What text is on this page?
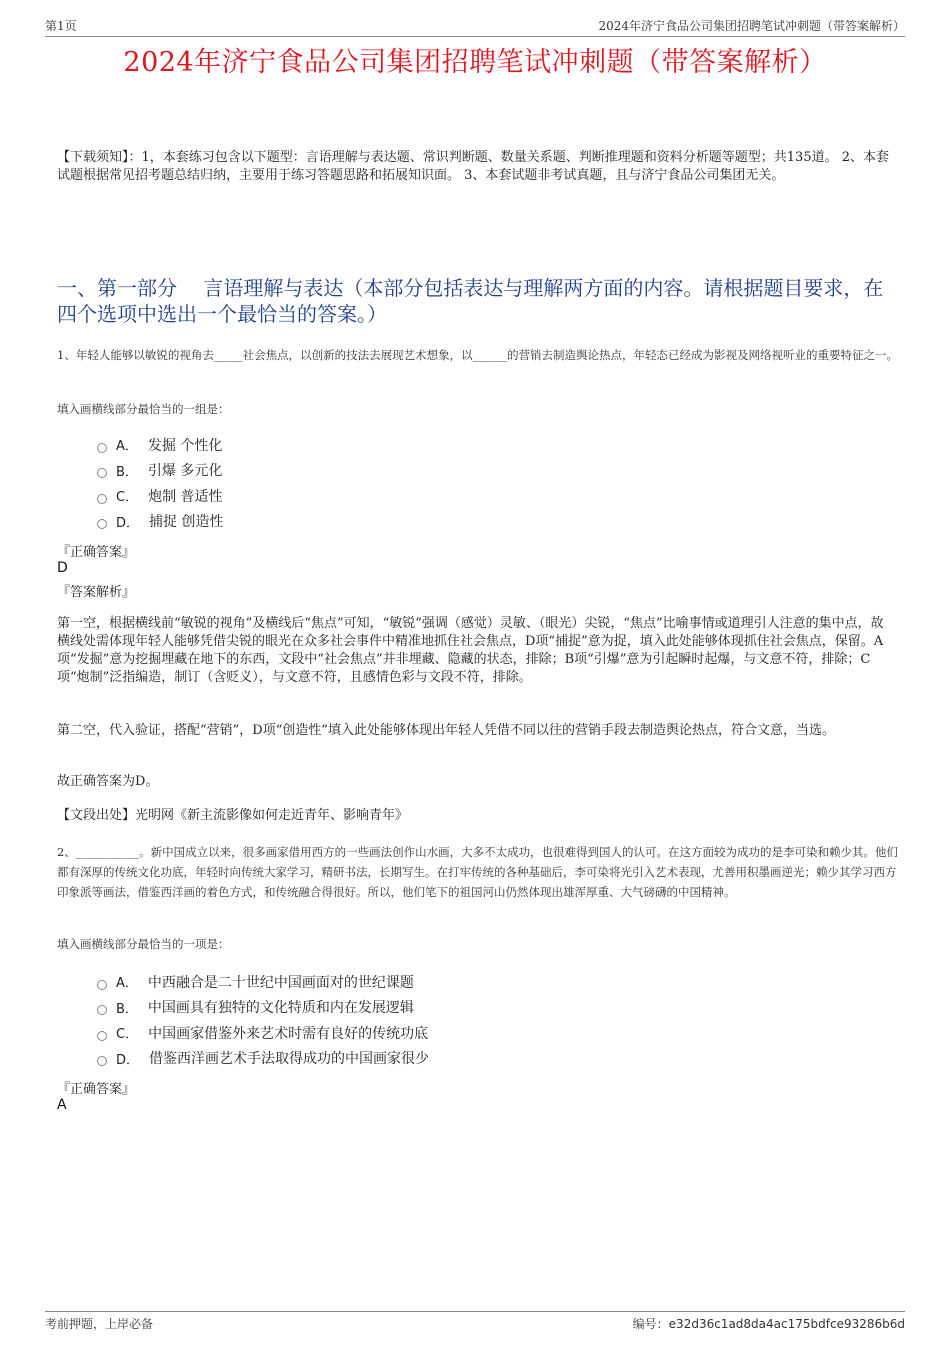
第1页	2024年济宁食品公司集团招聘笔试冲刺题（带答案解析）
2024年济宁食品公司集团招聘笔试冲刺题（带答案解析）
【下载须知】：1，本套练习包含以下题型：言语理解与表达题、常识判断题、数量关系题、判断推理题和资料分析题等题型；共135道。 2、本套试题根据常见招考题总结归纳，主要用于练习答题思路和拓展知识面。 3、本套试题非考试真题，且与济宁食品公司集团无关。
一、第一部分　 言语理解与表达（本部分包括表达与理解两方面的内容。请根据题目要求，在四个选项中选出一个最恰当的答案。）
1、年轻人能够以敏锐的视角去_____社会焦点，以创新的技法去展现艺术想象，以______的营销去制造舆论热点，年轻态已经成为影视及网络视听业的重要特征之一。
填入画横线部分最恰当的一组是：
A． 发掘 个性化
B． 引爆 多元化
C． 炮制 普适性
D． 捕捉 创造性
『正确答案』
D
『答案解析』
第一空，根据横线前“敏锐的视角”及横线后“焦点”可知，“敏锐”强调（感觉）灵敏、（眼光）尖锐，“焦点”比喻事情或道理引人注意的集中点，故横线处需体现年轻人能够凭借尖锐的眼光在众多社会事件中精准地抓住社会焦点，D项“捕捉”意为捉，填入此处能够体现抓住社会焦点，保留。A项“发掘”意为挖掘埋藏在地下的东西，文段中“社会焦点”并非埋藏、隐藏的状态，排除；B项“引爆”意为引起瞬时起爆，与文意不符，排除；C项“炮制”泛指编造，制订（含贬义），与文意不符，且感情色彩与文段不符，排除。
第二空，代入验证，搭配“营销”，D项“创造性”填入此处能够体现出年轻人凭借不同以往的营销手段去制造舆论热点，符合文意，当选。
故正确答案为D。
【文段出处】光明网《新主流影像如何走近青年、影响青年》
2、___________。新中国成立以来，很多画家借用西方的一些画法创作山水画，大多不太成功，也很难得到国人的认可。在这方面较为成功的是李可染和赖少其。他们都有深厚的传统文化功底，年轻时向传统大家学习，精研书法，长期写生。在打牢传统的各种基础后，李可染将光引入艺术表现，尤善用积墨画逆光；赖少其学习西方印象派等画法，借鉴西洋画的着色方式，和传统融合得很好。所以，他们笔下的祖国河山仍然体现出雄浑厚重、大气磅礴的中国精神。
填入画横线部分最恰当的一项是：
A． 中西融合是二十世纪中国画面对的世纪课题
B． 中国画具有独特的文化特质和内在发展逻辑
C． 中国画家借鉴外来艺术时需有良好的传统功底
D． 借鉴西洋画艺术手法取得成功的中国画家很少
『正确答案』
A
考前押题，上岸必备	编号：e32d36c1ad8da4ac175bdfce93286b6d
